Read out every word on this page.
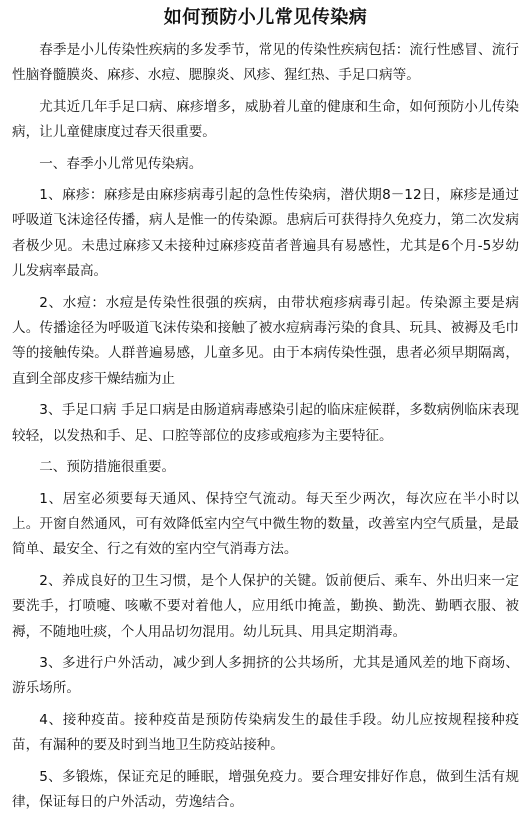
如何预防小儿常见传染病

春季是小儿传染性疾病的多发季节，常见的传染性疾病包括：流行性感冒、流行性脑脊髓膜炎、麻疹、水痘、腮腺炎、风疹、猩红热、手足口病等。

尤其近几年手足口病、麻疹增多，威胁着儿童的健康和生命，如何预防小儿传染病，让儿童健康度过春天很重要。

一、春季小儿常见传染病。

1、麻疹：麻疹是由麻疹病毒引起的急性传染病，潜伏期8－12日，麻疹是通过呼吸道飞沫途径传播，病人是惟一的传染源。患病后可获得持久免疫力，第二次发病者极少见。未患过麻疹又未接种过麻疹疫苗者普遍具有易感性，尤其是6个月-5岁幼儿发病率最高。

2、水痘：水痘是传染性很强的疾病，由带状疱疹病毒引起。传染源主要是病人。传播途径为呼吸道飞沫传染和接触了被水痘病毒污染的食具、玩具、被褥及毛巾等的接触传染。人群普遍易感，儿童多见。由于本病传染性强，患者必须早期隔离，直到全部皮疹干燥结痂为止

3、手足口病 手足口病是由肠道病毒感染引起的临床症候群，多数病例临床表现较轻，以发热和手、足、口腔等部位的皮疹或疱疹为主要特征。

二、预防措施很重要。

1、居室必须要每天通风、保持空气流动。每天至少两次，每次应在半小时以上。开窗自然通风，可有效降低室内空气中微生物的数量，改善室内空气质量，是最简单、最安全、行之有效的室内空气消毒方法。

2、养成良好的卫生习惯，是个人保护的关键。饭前便后、乘车、外出归来一定要洗手，打喷嚏、咳嗽不要对着他人，应用纸巾掩盖，勤换、勤洗、勤晒衣服、被褥，不随地吐痰，个人用品切勿混用。幼儿玩具、用具定期消毒。

3、多进行户外活动，减少到人多拥挤的公共场所，尤其是通风差的地下商场、游乐场所。

4、接种疫苗。接种疫苗是预防传染病发生的最佳手段。幼儿应按规程接种疫苗，有漏种的要及时到当地卫生防疫站接种。

5、多锻炼，保证充足的睡眠，增强免疫力。要合理安排好作息，做到生活有规律，保证每日的户外活动，劳逸结合。
